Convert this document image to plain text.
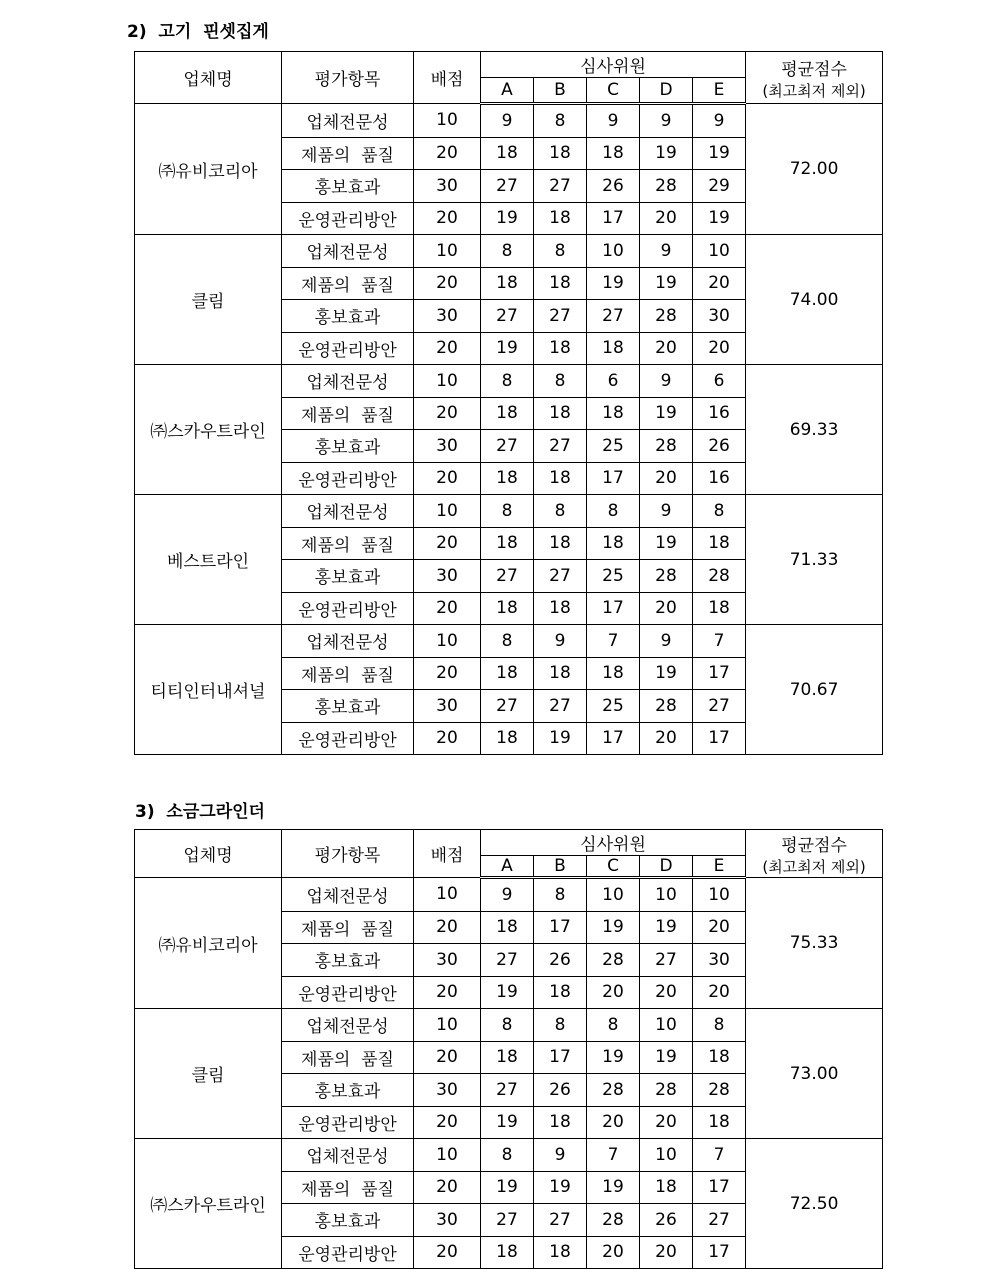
2)  고기  핀셋집게
업체명	평가항목	배점	심사위원					평균점수
(최고최저 제외)

			A	B	C	D	E	
㈜유비코리아	업체전문성	10	9	8	9	9	9	72.00
	제품의  품질	20	18	18	18	19	19	
	홍보효과	30	27	27	26	28	29	
	운영관리방안	20	19	18	17	20	19	
클림	업체전문성	10	8	8	10	9	10	74.00
	제품의  품질	20	18	18	19	19	20	
	홍보효과	30	27	27	27	28	30	
	운영관리방안	20	19	18	18	20	20	
㈜스카우트라인	업체전문성	10	8	8	6	9	6	69.33
	제품의  품질	20	18	18	18	19	16	
	홍보효과	30	27	27	25	28	26	
	운영관리방안	20	18	18	17	20	16	
베스트라인	업체전문성	10	8	8	8	9	8	71.33
	제품의  품질	20	18	18	18	19	18	
	홍보효과	30	27	27	25	28	28	
	운영관리방안	20	18	18	17	20	18	
티티인터내셔널	업체전문성	10	8	9	7	9	7	70.67
	제품의  품질	20	18	18	18	19	17	
	홍보효과	30	27	27	25	28	27	
	운영관리방안	20	18	19	17	20	17	
3)  소금그라인더
업체명	평가항목	배점	심사위원					평균점수
(최고최저 제외)

			A	B	C	D	E	
㈜유비코리아	업체전문성	10	9	8	10	10	10	75.33
	제품의  품질	20	18	17	19	19	20	
	홍보효과	30	27	26	28	27	30	
	운영관리방안	20	19	18	20	20	20	
클림	업체전문성	10	8	8	8	10	8	73.00
	제품의  품질	20	18	17	19	19	18	
	홍보효과	30	27	26	28	28	28	
	운영관리방안	20	19	18	20	20	18	
㈜스카우트라인	업체전문성	10	8	9	7	10	7	72.50
	제품의  품질	20	19	19	19	18	17	
	홍보효과	30	27	27	28	26	27	
	운영관리방안	20	18	18	20	20	17	
